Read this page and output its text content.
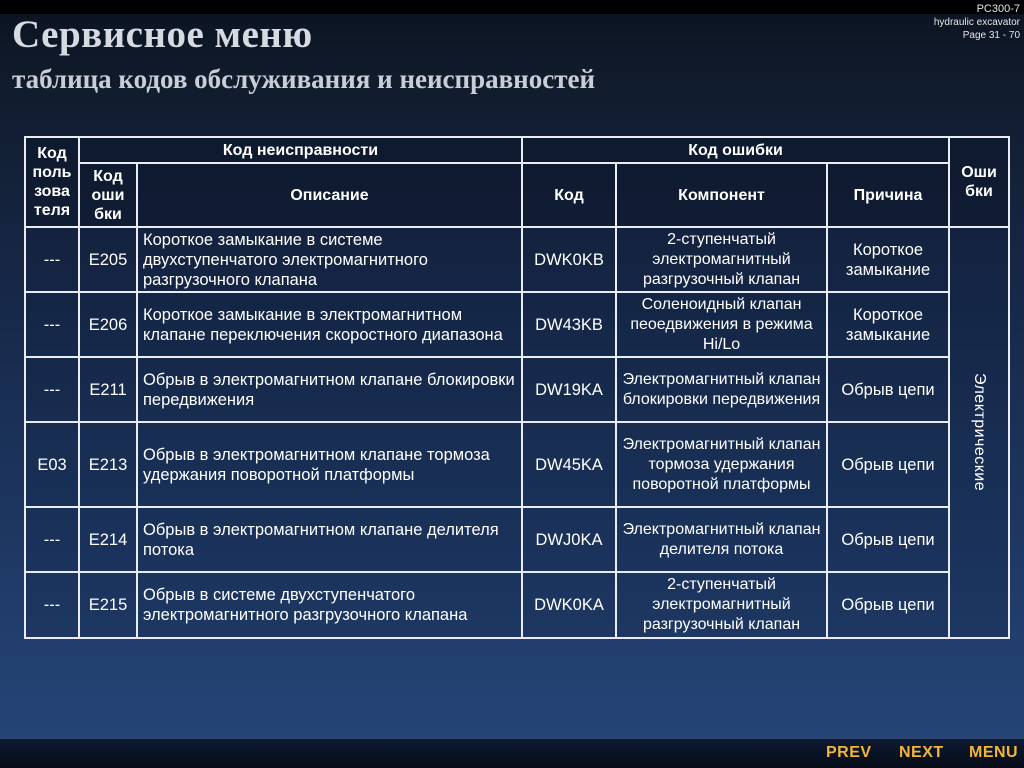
Сервисное меню
таблица кодов обслуживания и неисправностей
PC300-7
hydraulic excavator
Page 31 - 70
Код поль зова теля	Код неисправности		Код ошибки			Оши бки
	Код оши бки	Описание	Код	Компонент	Причина	
---	E205	Короткое замыкание в системе двухступенчатого электромагнитного разгрузочного клапана	DWK0KB	2-ступенчатый электромагнитный разгрузочный клапан	Короткое замыкание	Электрические

---	E206	Короткое замыкание в электромагнитном клапане переключения скоростного диапазона	DW43KB	Соленоидный клапан пеоедвижения в режима Hi/Lo	Короткое замыкание	
---	E211	Обрыв в электромагнитном клапане блокировки передвижения	DW19KA	Электромагнитный клапан блокировки передвижения	Обрыв цепи	
E03	E213	Обрыв в электромагнитном клапане тормоза удержания поворотной платформы	DW45KA	Электромагнитный клапан тормоза удержания поворотной платформы	Обрыв цепи	
---	E214	Обрыв в электромагнитном клапане делителя потока	DWJ0KA	Электромагнитный клапан делителя потока	Обрыв цепи	
---	E215	Обрыв в системе двухступенчатого электромагнитного разгрузочного клапана	DWK0KA	2-ступенчатый электромагнитный разгрузочный клапан	Обрыв цепи	
PREV NEXT MENU
